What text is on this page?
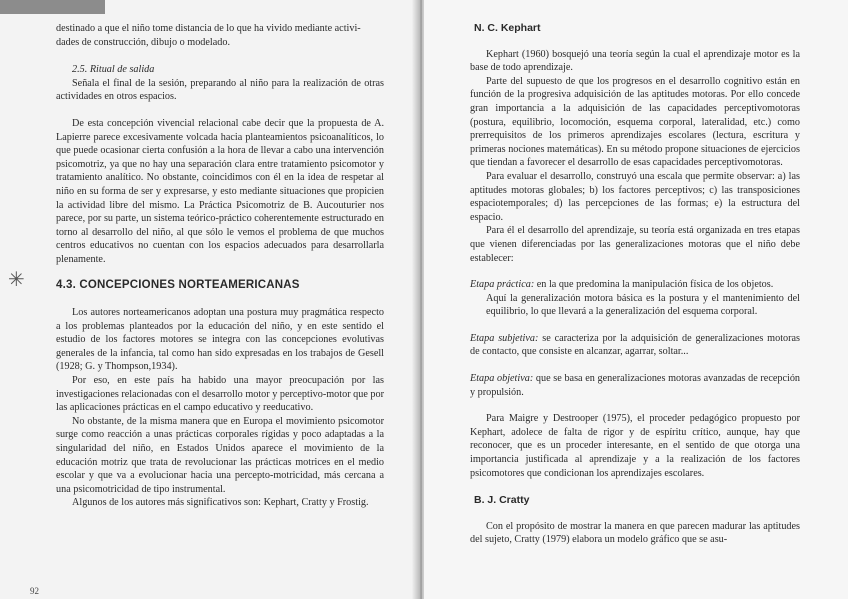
destinado a que el niño tome distancia de lo que ha vivido mediante activi-

dades de construcción, dibujo o modelado.

2.5. Ritual de salida

Señala el final de la sesión, preparando al niño para la realización de otras actividades en otros espacios.

De esta concepción vivencial relacional cabe decir que la propuesta de A. Lapierre parece excesivamente volcada hacia planteamientos psicoanalíticos, lo que puede ocasionar cierta confusión a la hora de llevar a cabo una intervención psicomotriz, ya que no hay una separación clara entre tratamiento psicomotor y tratamiento analítico. No obstante, coincidimos con él en la idea de respetar al niño en su forma de ser y expresarse, y esto mediante situaciones que propicien la actividad libre del mismo. La Práctica Psicomotriz de B. Aucouturier nos parece, por su parte, un sistema teórico-práctico coherentemente estructurado en torno al desarrollo del niño, al que sólo le vemos el problema de que muchos centros educativos no cuentan con los espacios adecuados para desarrollarla plenamente.

✳	4.3. CONCEPCIONES NORTEAMERICANAS

Los autores norteamericanos adoptan una postura muy pragmática respecto a los problemas planteados por la educación del niño, y en este sentido el estudio de los factores motores se integra con las concepciones evolutivas generales de la infancia, tal como han sido expresadas en los trabajos de Gesell (1928; G. y Thompson,1934).

Por eso, en este país ha habido una mayor preocupación por las investigaciones relacionadas con el desarrollo motor y perceptivo-motor que por las aplicaciones prácticas en el campo educativo y reeducativo.

No obstante, de la misma manera que en Europa el movimiento psicomotor surge como reacción a unas prácticas corporales rígidas y poco adaptadas a la singularidad del niño, en Estados Unidos aparece el movimiento de la educación motriz que trata de revolucionar las prácticas motrices en el medio escolar y que va a evolucionar hacia una percepto-motricidad, más cercana a una psicomotricidad de tipo instrumental.

Algunos de los autores más significativos son: Kephart, Cratty y Frostig.

92
N. C. Kephart

Kephart (1960) bosquejó una teoría según la cual el aprendizaje motor es la base de todo aprendizaje.

Parte del supuesto de que los progresos en el desarrollo cognitivo están en función de la progresiva adquisición de las aptitudes motoras. Por ello concede gran importancia a la adquisición de las capacidades perceptivomotoras (postura, equilibrio, locomoción, esquema corporal, lateralidad, etc.) como prerrequisitos de los primeros aprendizajes escolares (lectura, escritura y primeras nociones matemáticas). En su método propone situaciones de ejercicios que tiendan a favorecer el desarrollo de esas capacidades perceptivomotoras.

Para evaluar el desarrollo, construyó una escala que permite observar: a) las aptitudes motoras globales; b) los factores perceptivos; c) las transposiciones espaciotemporales; d) las percepciones de las formas; e) la estructura del espacio.

Para él el desarrollo del aprendizaje, su teoría está organizada en tres etapas que vienen diferenciadas por las generalizaciones motoras que el niño debe establecer:

Etapa práctica: en la que predomina la manipulación física de los objetos.

Aquí la generalización motora básica es la postura y el mantenimiento del equilibrio, lo que llevará a la generalización del esquema corporal.

Etapa subjetiva: se caracteriza por la adquisición de generalizaciones motoras de contacto, que consiste en alcanzar, agarrar, soltar...

Etapa objetiva: que se basa en generalizaciones motoras avanzadas de recepción y propulsión.

Para Maigre y Destrooper (1975), el proceder pedagógico propuesto por Kephart, adolece de falta de rigor y de espíritu crítico, aunque, hay que reconocer, que es un proceder interesante, en el sentido de que otorga una importancia justificada al aprendizaje y a la realización de los factores psicomotores que condicionan los aprendizajes escolares.

B. J. Cratty

Con el propósito de mostrar la manera en que parecen madurar las aptitudes del sujeto, Cratty (1979) elabora un modelo gráfico que se asu-
